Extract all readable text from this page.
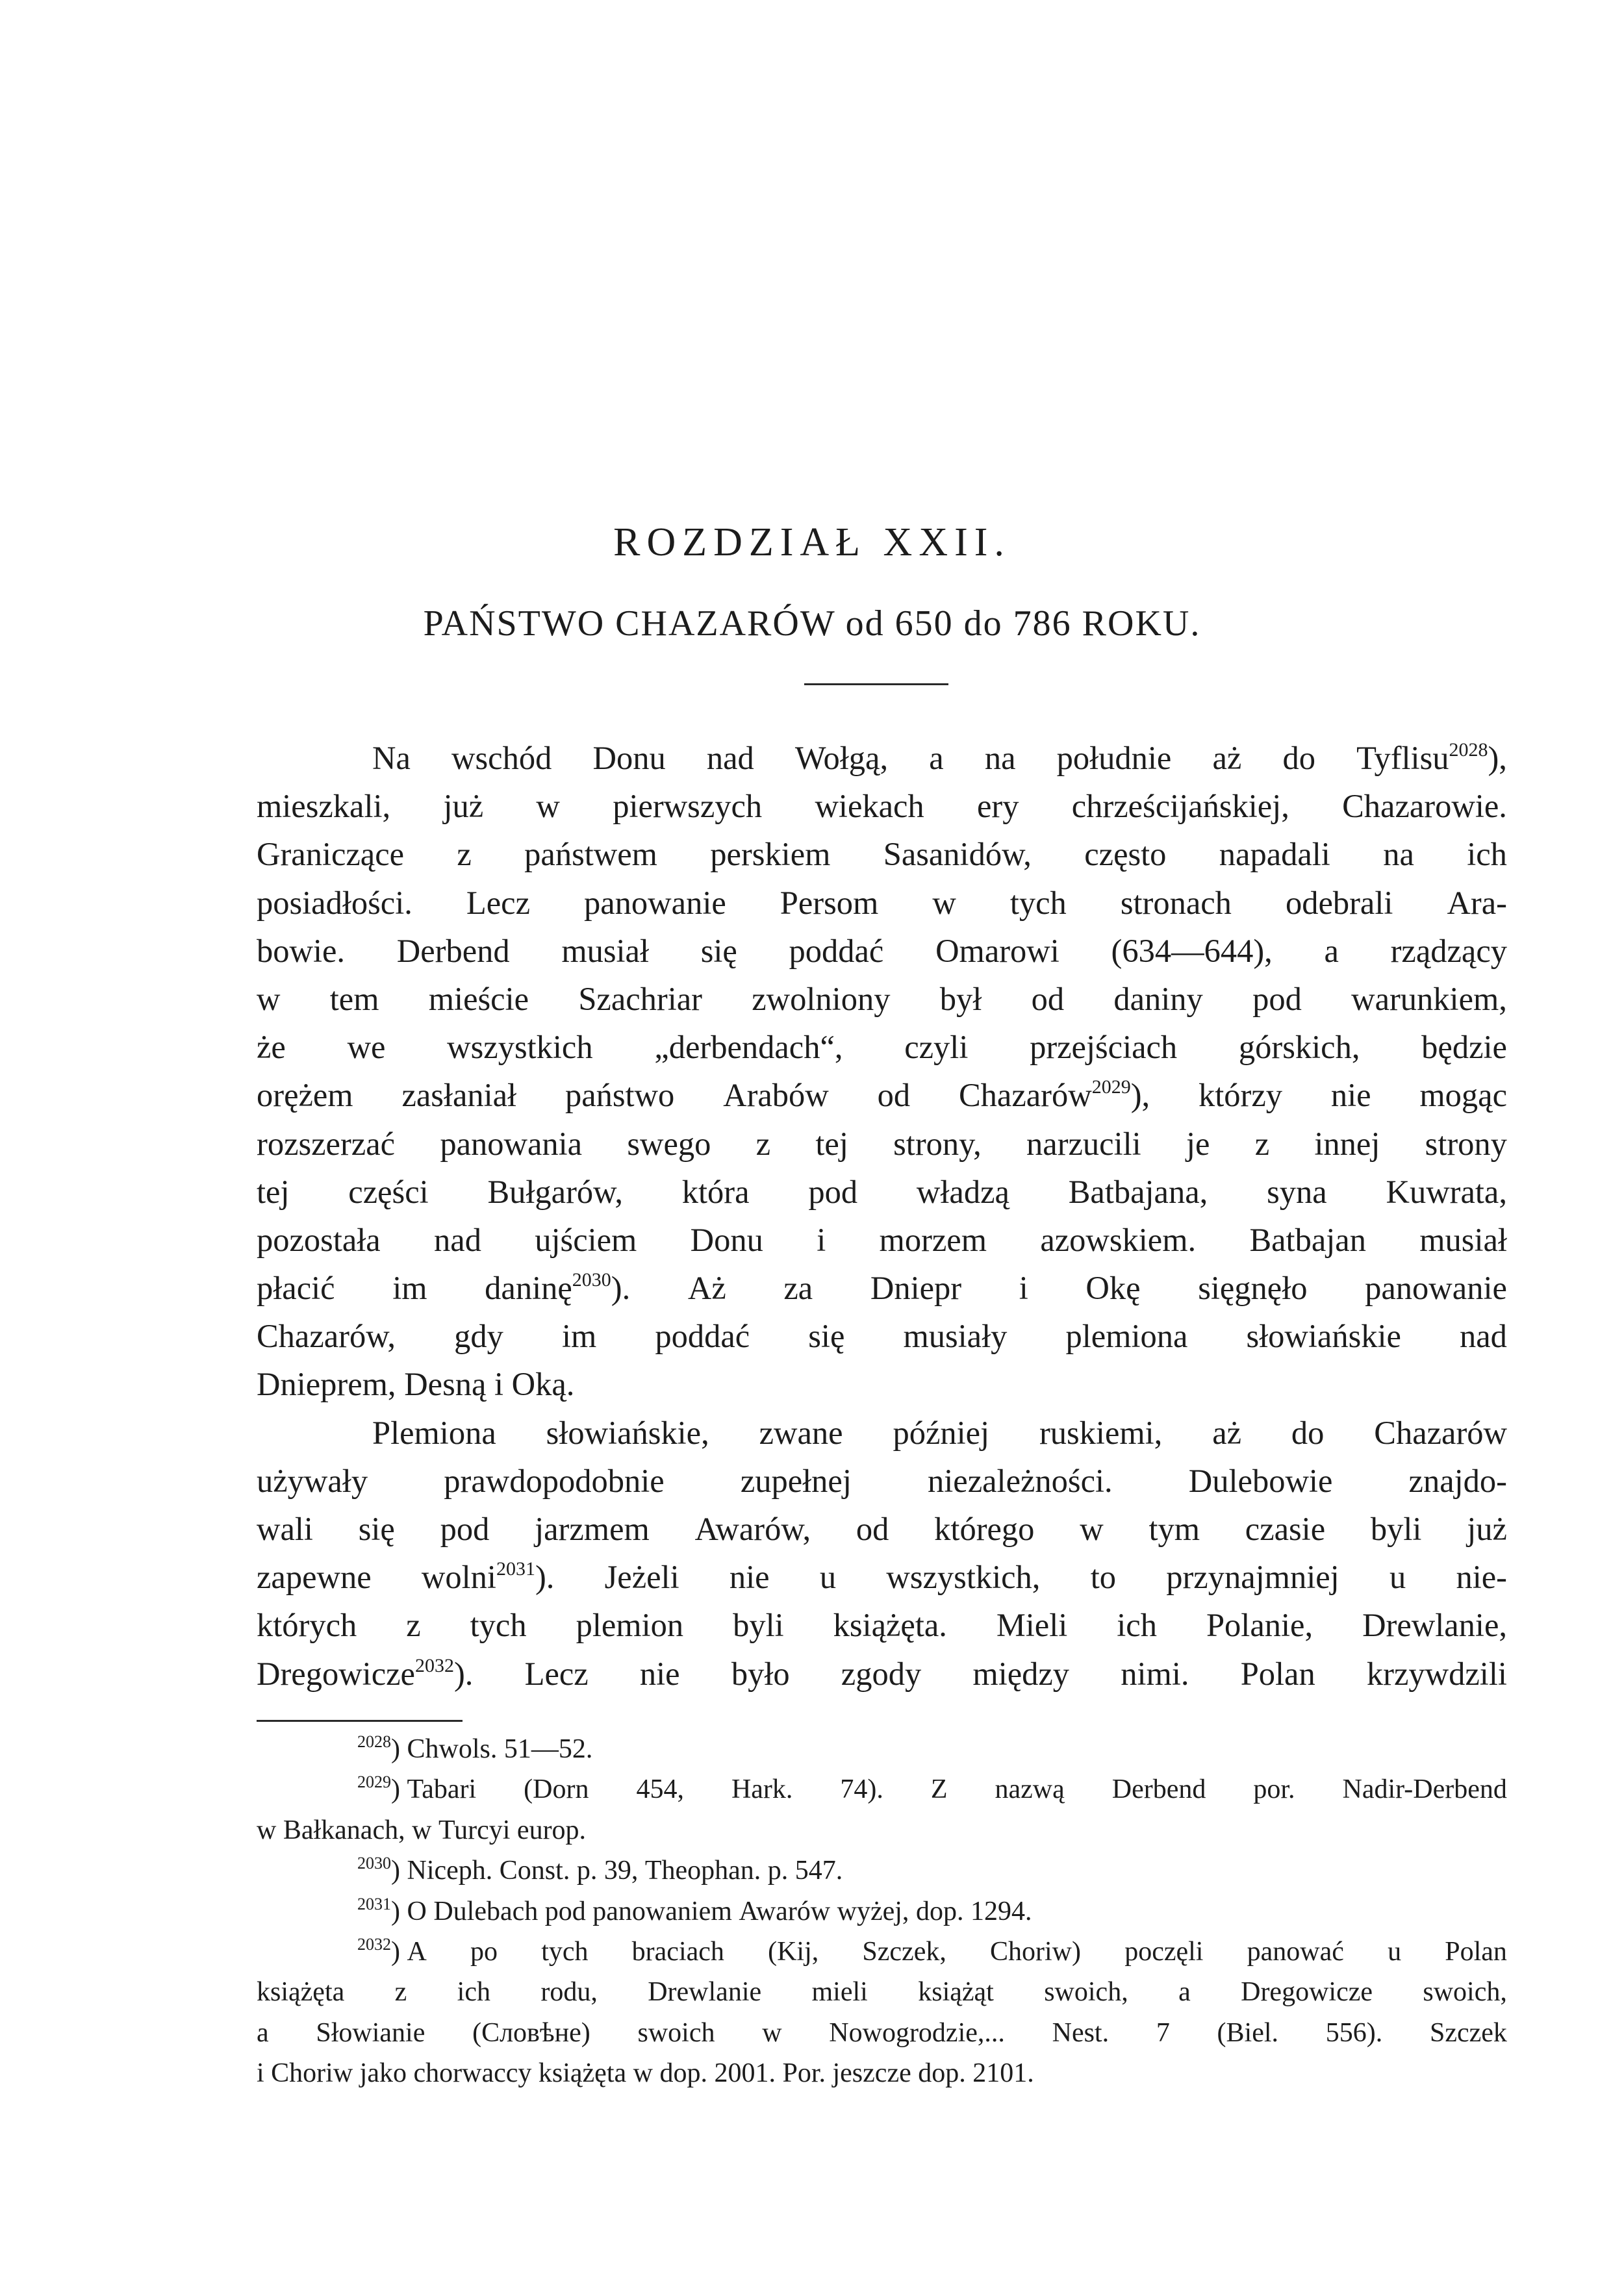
ROZDZIAŁ XXII.
PAŃSTWO CHAZARÓW od 650 do 786 ROKU.
Na wschód Donu nad Wołgą, a na południe aż do Tyflisu$^{2028}$),
mieszkali, już w pierwszych wiekach ery chrześcijańskiej, Chazarowie.
Graniczące z państwem perskiem Sasanidów, często napadali na ich
posiadłości. Lecz panowanie Persom w tych stronach odebrali Ara-
bowie. Derbend musiał się poddać Omarowi (634—644), a rządzący
w tem mieście Szachriar zwolniony był od daniny pod warunkiem,
że we wszystkich „derbendach“, czyli przejściach górskich, będzie
orężem zasłaniał państwo Arabów od Chazarów$^{2029}$), którzy nie mogąc
rozszerzać panowania swego z tej strony, narzucili je z innej strony
tej części Bułgarów, która pod władzą Batbajana, syna Kuwrata,
pozostała nad ujściem Donu i morzem azowskiem. Batbajan musiał
płacić im daninę$^{2030}$). Aż za Dniepr i Okę sięgnęło panowanie
Chazarów, gdy im poddać się musiały plemiona słowiańskie nad
Dnieprem,
Desną
i
Oką.
Plemiona słowiańskie, zwane później ruskiemi, aż do Chazarów
używały prawdopodobnie zupełnej niezależności. Dulebowie znajdo-
wali się pod jarzmem Awarów, od którego w tym czasie byli już
zapewne wolni$^{2031}$). Jeżeli nie u wszystkich, to przynajmniej u nie-
których z tych plemion byli książęta. Mieli ich Polanie, Drewlanie,
Dregowicze$^{2032}$). Lecz nie było zgody między nimi. Polan krzywdzili
$^{2028}$) Chwols.
51—52.
$^{2029}$) Tabari (Dorn 454, Hark. 74). Z nazwą Derbend por. Nadir-Derbend
w
Bałkanach,
w
Turcyi
europ.
$^{2030}$) Niceph.
Const.
p.
39,
Theophan.
p.
547.
$^{2031}$) O
Dulebach
pod
panowaniem
Awarów
wyżej,
dop.
1294.
$^{2032}$) A po tych braciach (Kij, Szczek, Choriw) poczęli panować u Polan
książęta z ich rodu, Drewlanie mieli książąt swoich, a Dregowicze swoich,
a Słowianie (Словѣне) swoich w Nowogrodzie,... Nest. 7 (Biel. 556). Szczek
i
Choriw
jako
chorwaccy
książęta
w
dop.
2001.
Por.
jeszcze
dop.
2101.
